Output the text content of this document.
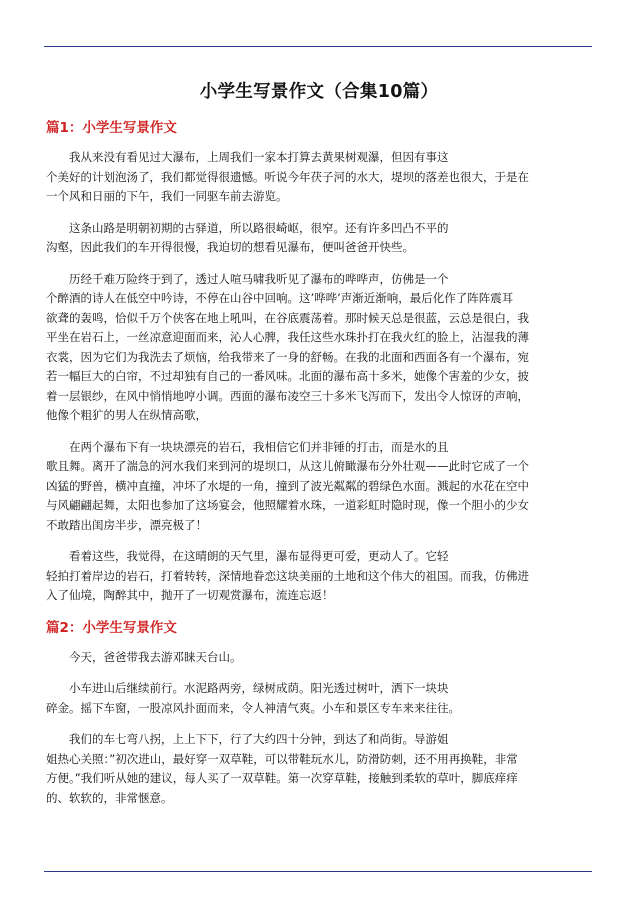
小学生写景作文（合集10篇）
篇1：小学生写景作文
我从来没有看见过大瀑布，上周我们一家本打算去黄果树观瀑，但因有事这
个美好的计划泡汤了，我们都觉得很遗憾。听说今年茯子河的水大，堤坝的落差也很大，于是在
一个风和日丽的下午，我们一同驱车前去游览。
这条山路是明朝初期的古驿道，所以路很崎岖，很窄。还有许多凹凸不平的
沟壑，因此我们的车开得很慢，我迫切的想看见瀑布，便叫爸爸开快些。
历经千难万险终于到了，透过人喧马啸我听见了瀑布的哗哗声，仿佛是一个
个醉酒的诗人在低空中吟诗，不停在山谷中回响。这’哗哗’声渐近渐响，最后化作了阵阵震耳
欲聋的轰鸣，恰似千万个侠客在地上吼叫，在谷底震荡着。那时候天总是很蓝，云总是很白，我
平坐在岩石上，一丝凉意迎面而来，沁人心脾，我任这些水珠扑打在我火红的脸上，沾湿我的薄
衣裳，因为它们为我洗去了烦恼，给我带来了一身的舒畅。在我的北面和西面各有一个瀑布，宛
若一幅巨大的白帘，不过却独有自己的一番风味。北面的瀑布高十多米，她像个害羞的少女，披
着一层银纱，在风中悄悄地哼小调。西面的瀑布凌空三十多米飞泻而下，发出令人惊讶的声响，
他像个粗犷的男人在纵情高歌，
在两个瀑布下有一块块漂亮的岩石，我相信它们并非锤的打击，而是水的且
歌且舞。离开了湍急的河水我们来到河的堤坝口，从这儿俯瞰瀑布分外壮观——此时它成了一个
凶猛的野兽，横冲直撞，冲坏了水堤的一角，撞到了波光粼粼的碧绿色水面。溅起的水花在空中
与风翩翩起舞，太阳也参加了这场宴会，他照耀着水珠，一道彩虹时隐时现，像一个胆小的少女
不敢踏出闺房半步，漂亮极了！
看着这些，我觉得，在这晴朗的天气里，瀑布显得更可爱，更动人了。它轻
轻拍打着岸边的岩石，打着转转，深情地眷恋这块美丽的土地和这个伟大的祖国。而我，仿佛进
入了仙境，陶醉其中，抛开了一切观赏瀑布，流连忘返！
篇2：小学生写景作文
今天，爸爸带我去游邓睐天台山。
小车进山后继续前行。水泥路两旁，绿树成荫。阳光透过树叶，洒下一块块
碎金。摇下车窗，一股凉风扑面而来，令人神清气爽。小车和景区专车来来往往。
我们的车七弯八拐，上上下下，行了大约四十分钟，到达了和尚街。导游姐
姐热心关照：”初次进山，最好穿一双草鞋，可以带鞋玩水儿，防滑防刺，还不用再换鞋，非常
方便。”我们听从她的建议，每人买了一双草鞋。第一次穿草鞋，接触到柔软的草叶，脚底痒痒
的、软软的，非常惬意。
